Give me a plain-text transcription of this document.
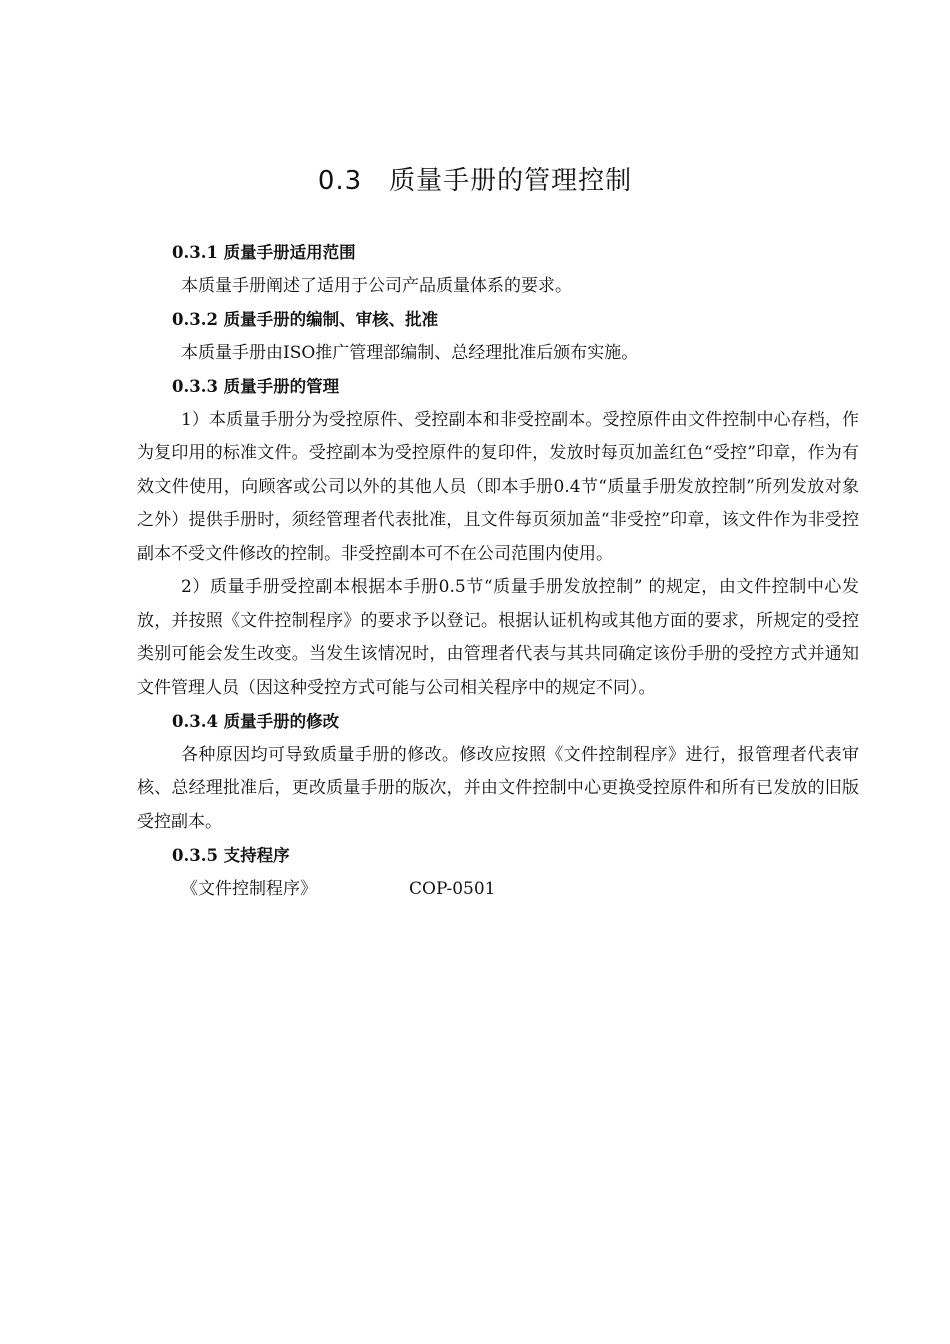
0.3　质量手册的管理控制

0.3.1 质量手册适用范围

本质量手册阐述了适用于公司产品质量体系的要求。

0.3.2 质量手册的编制、审核、批准

本质量手册由ISO推广管理部编制、总经理批准后颁布实施。

0.3.3 质量手册的管理

1）本质量手册分为受控原件、受控副本和非受控副本。受控原件由文件控制中心存档，作为复印用的标准文件。受控副本为受控原件的复印件，发放时每页加盖红色“受控”印章，作为有效文件使用，向顾客或公司以外的其他人员（即本手册0.4节“质量手册发放控制”所列发放对象之外）提供手册时，须经管理者代表批准，且文件每页须加盖“非受控”印章，该文件作为非受控副本不受文件修改的控制。非受控副本可不在公司范围内使用。

2）质量手册受控副本根据本手册0.5节“质量手册发放控制” 的规定，由文件控制中心发放，并按照《文件控制程序》的要求予以登记。根据认证机构或其他方面的要求，所规定的受控类别可能会发生改变。当发生该情况时，由管理者代表与其共同确定该份手册的受控方式并通知文件管理人员（因这种受控方式可能与公司相关程序中的规定不同）。

0.3.4 质量手册的修改

各种原因均可导致质量手册的修改。修改应按照《文件控制程序》进行，报管理者代表审核、总经理批准后，更改质量手册的版次，并由文件控制中心更换受控原件和所有已发放的旧版受控副本。

0.3.5 支持程序

《文件控制程序》	COP-0501
